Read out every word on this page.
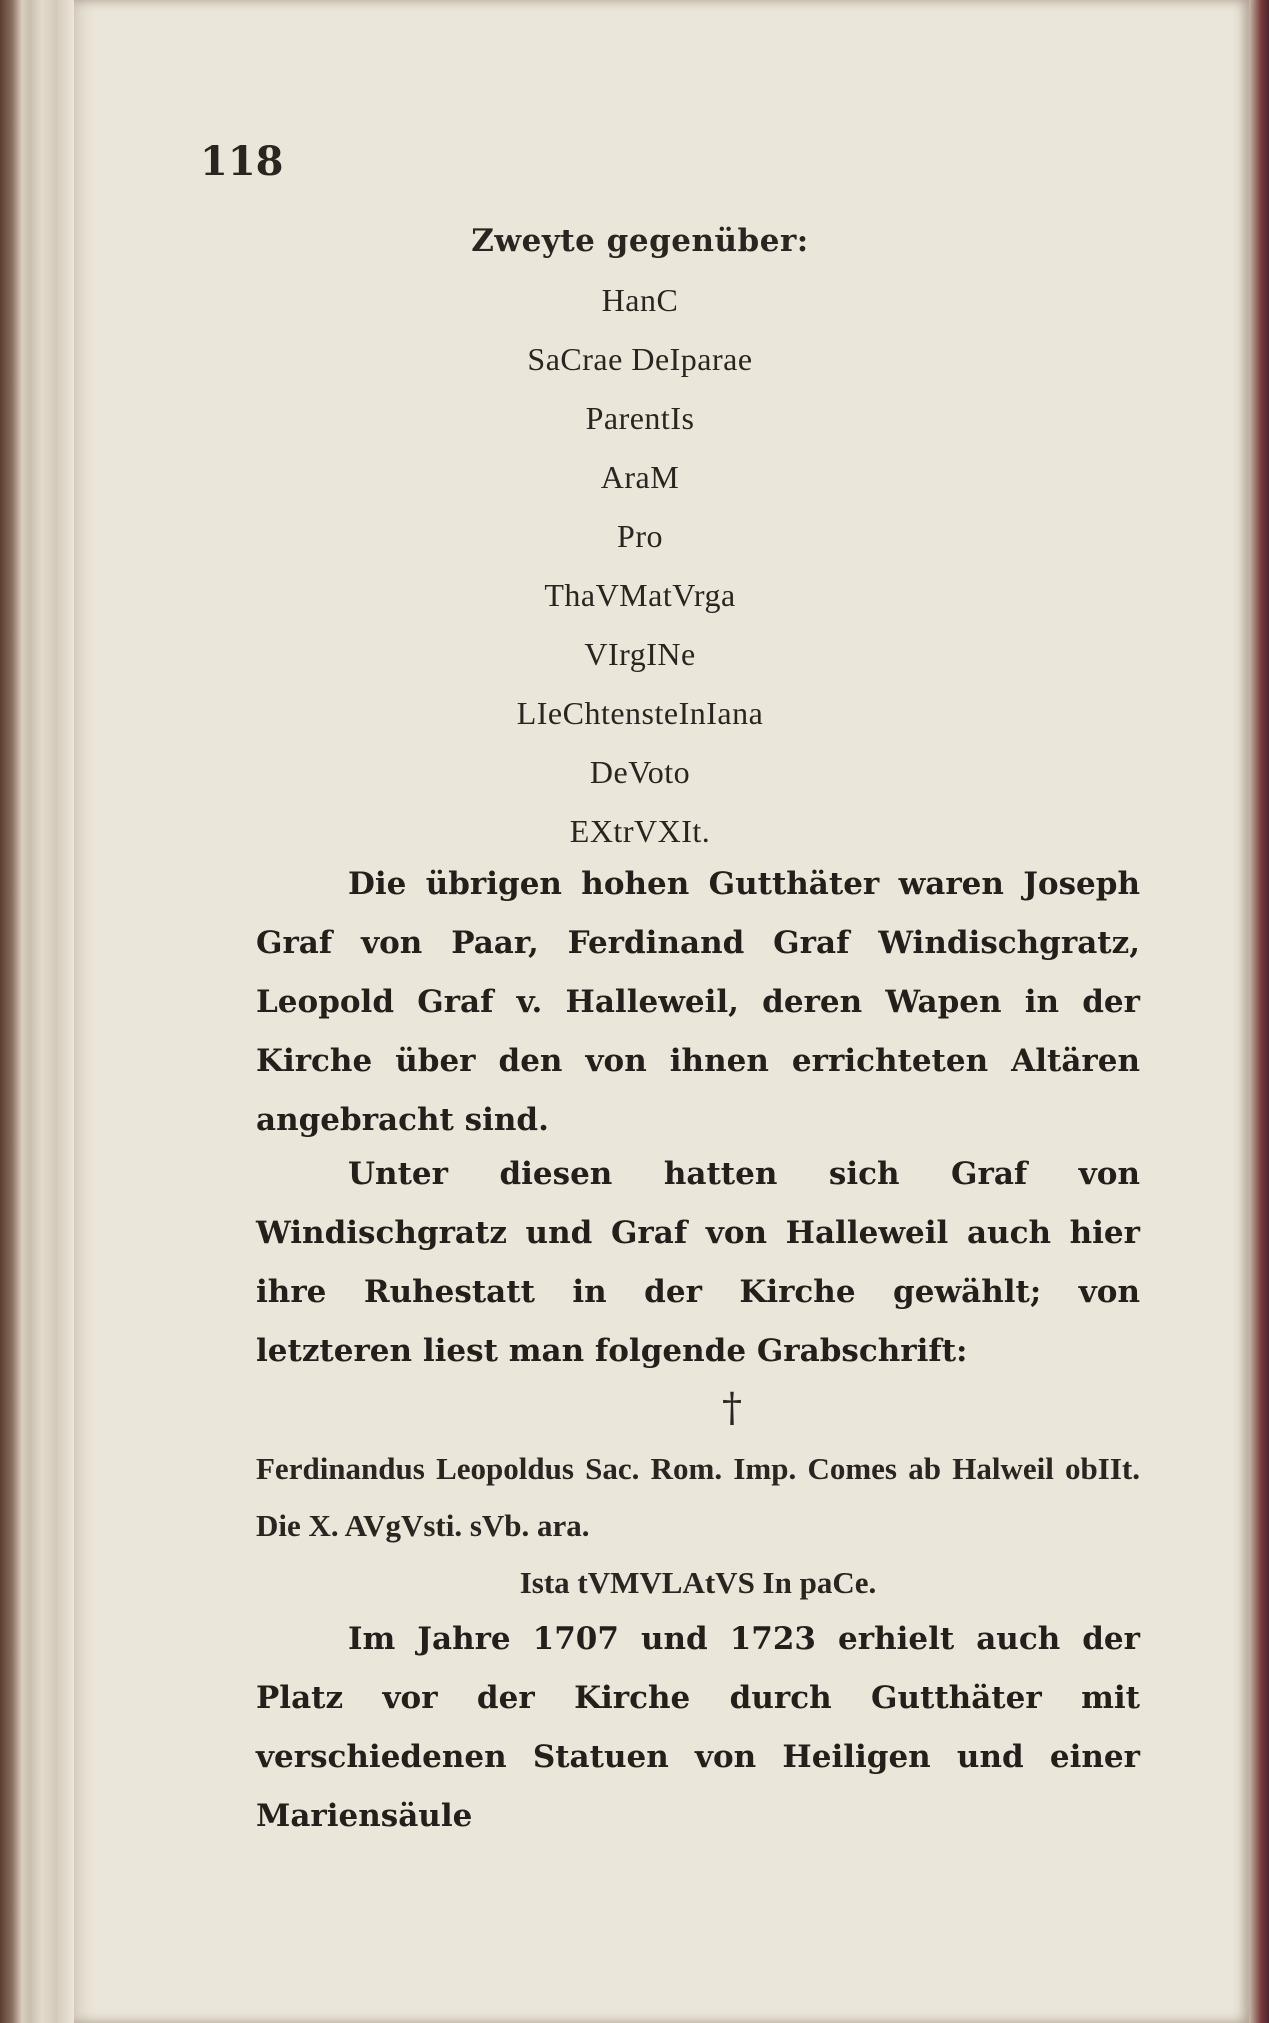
118
Zweyte gegenüber:
HanC
SaCrae DeIparae
ParentIs
AraM
Pro
ThaVMatVrga
VIrgINe
LIeChtensteInIana
DeVoto
EXtrVXIt.
Die übrigen hohen Gutthäter waren Joseph Graf von Paar, Ferdinand Graf Windischgratz, Leopold Graf v. Halleweil, deren Wapen in der Kirche über den von ihnen errichteten Altären angebracht sind.
Unter diesen hatten sich Graf von Windischgratz und Graf von Halleweil auch hier ihre Ruhestatt in der Kirche gewählt; von letzteren liest man folgende Grabschrift:
†
Ferdinandus Leopoldus Sac. Rom. Imp. Comes ab Halweil obIIt. Die X. AVgVsti. sVb. ara.
Ista tVMVLAtVS In paCe.
Im Jahre 1707 und 1723 erhielt auch der Platz vor der Kirche durch Gutthäter mit verschiedenen Statuen von Heiligen und einer Mariensäule
